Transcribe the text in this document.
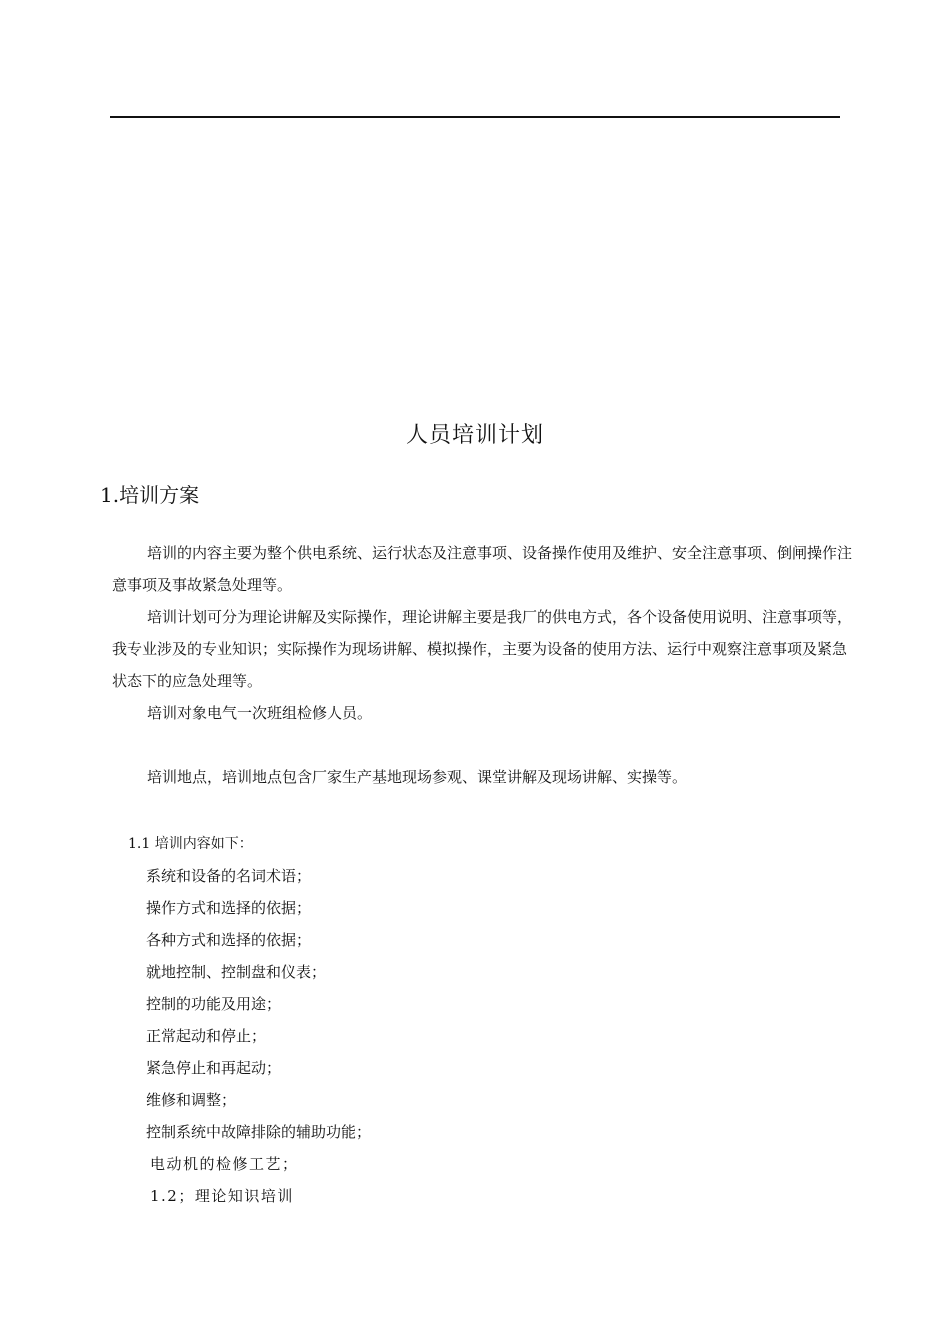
人员培训计划
1.培训方案

培训的内容主要为整个供电系统、运行状态及注意事项、设备操作使用及维护、安全注意事项、倒闸操作注意事项及事故紧急处理等。

培训计划可分为理论讲解及实际操作，理论讲解主要是我厂的供电方式，各个设备使用说明、注意事项等，我专业涉及的专业知识；实际操作为现场讲解、模拟操作，主要为设备的使用方法、运行中观察注意事项及紧急状态下的应急处理等。

培训对象电气一次班组检修人员。

培训地点，培训地点包含厂家生产基地现场参观、课堂讲解及现场讲解、实操等。

1.1 培训内容如下：

系统和设备的名词术语；

操作方式和选择的依据；

各种方式和选择的依据；

就地控制、控制盘和仪表；

控制的功能及用途；

正常起动和停止；

紧急停止和再起动；

维修和调整；

控制系统中故障排除的辅助功能；

电动机的检修工艺；

1.2；理论知识培训
